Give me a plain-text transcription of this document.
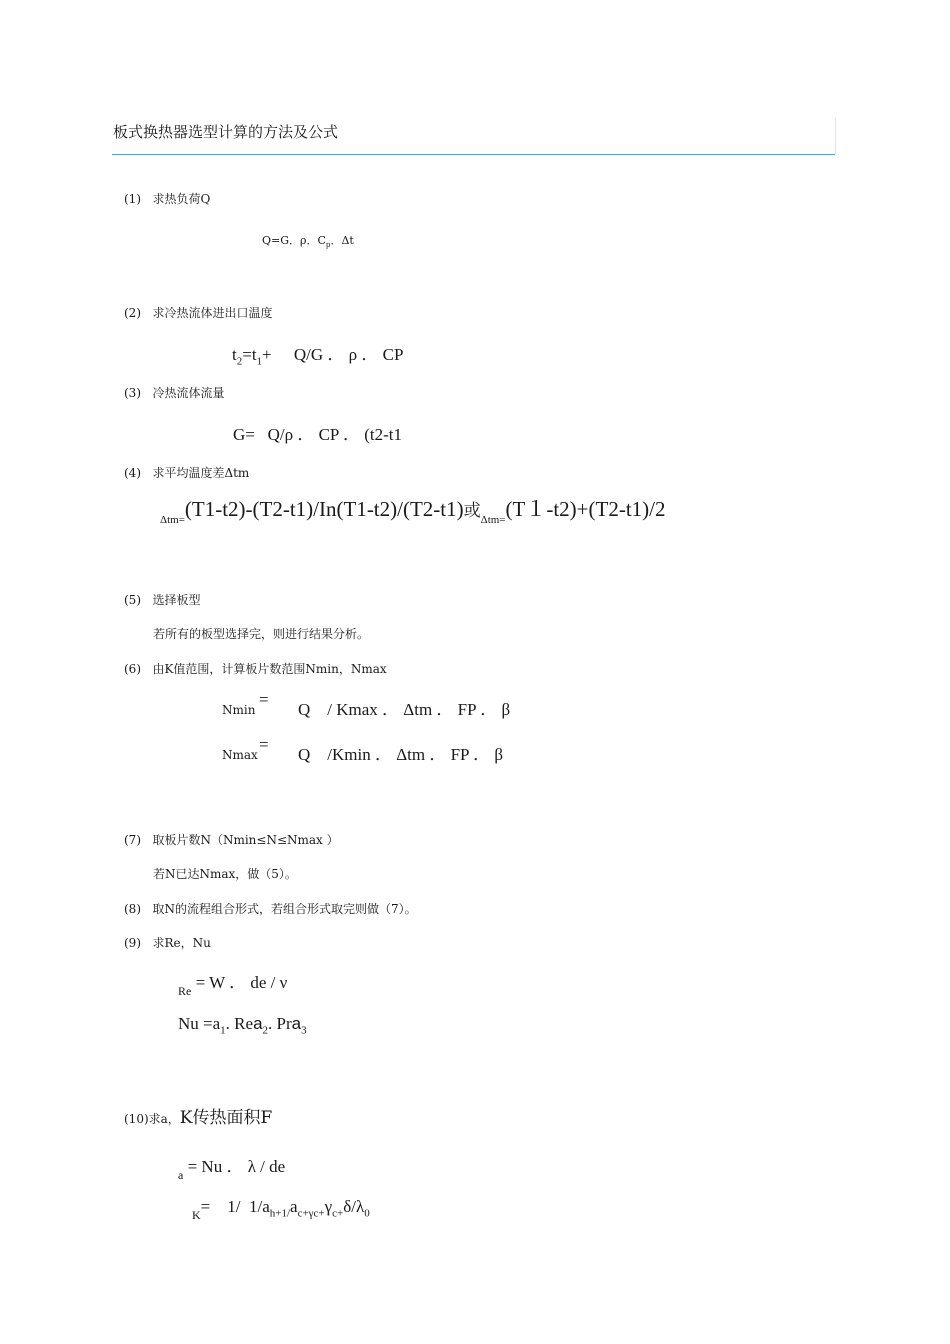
板式换热器选型计算的方法及公式
(1)   求热负荷Q
Q=G．ρ．$C_p$．Δt
(2)   求冷热流体进出口温度
$t_2=t_1+ Q/G$ ． ρ ． CP
(3)   冷热流体流量
G=   Q/ρ ． CP ． (t2-t1
(4)   求平均温度差Δtm
$_{\Delta tm=}$(T1-t2)-(T2-t1)/In(T1-t2)/(T2-t1)或$_{\Delta tm=}$(T１-t2)+(T2-t1)/2
(5)   选择板型
若所有的板型选择完，则进行结果分析。
(6)   由K值范围，计算板片数范围Nmin，Nmax
Nmin
=
Q    / Kmax ． Δtm ． FP ． β
Nmax
=
Q    /Kmin ． Δtm ． FP ． β
(7)   取板片数N（Nmin≤N≤Nmax ）
若N已达Nmax，做（5）。
(8)   取N的流程组合形式，若组合形式取完则做（7）。
(9)   求Re，Nu
$_{Re}$ = W ． de / ν
$Nu =a_1$. Rea$_2$. Pra$_3$
(10)求a，K传热面积F
$_a$ = Nu ． λ / de
$_K$=    1/  $1/a_{h+1/}a_{c+\gamma c+}\gamma_{c+}\delta/\lambda_0$
